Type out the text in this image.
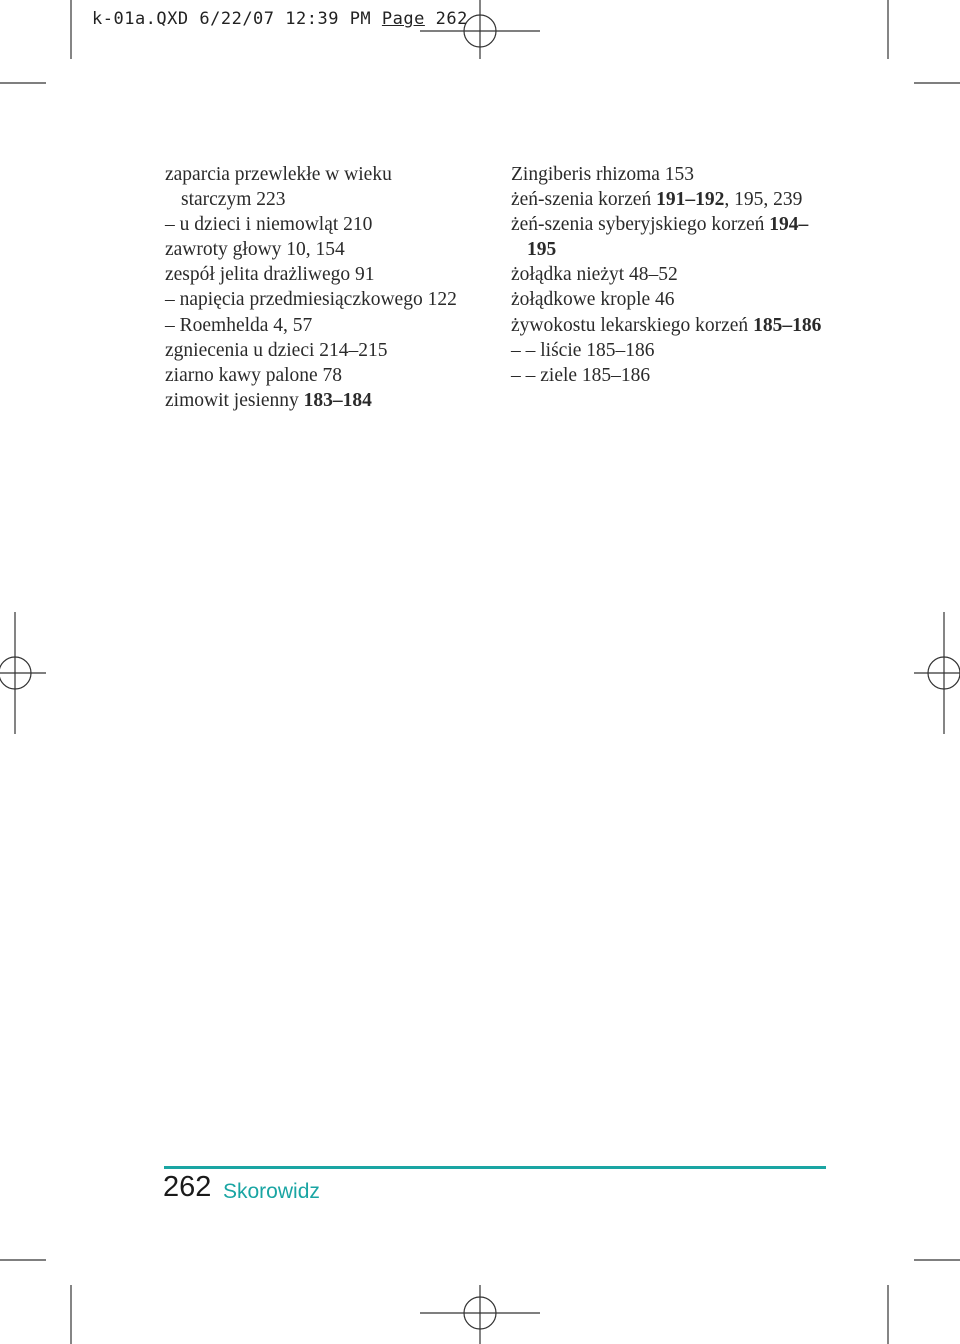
k-01a.QXD 6/22/07 12:39 PM Page 262
zaparcia przewlekłe w wieku starczym 223
– u dzieci i niemowląt 210
zawroty głowy 10, 154
zespół jelita drażliwego 91
– napięcia przedmiesiączkowego 122
– Roemhelda 4, 57
zgniecenia u dzieci 214–215
ziarno kawy palone 78
zimowit jesienny 183–184
Zingiberis rhizoma 153
żeń-szenia korzeń 191–192, 195, 239
żeń-szenia syberyjskiego korzeń 194– 195
żołądka nieżyt 48–52
żołądkowe krople 46
żywokostu lekarskiego korzeń 185–186
– – liście 185–186
– – ziele 185–186
262 Skorowidz
